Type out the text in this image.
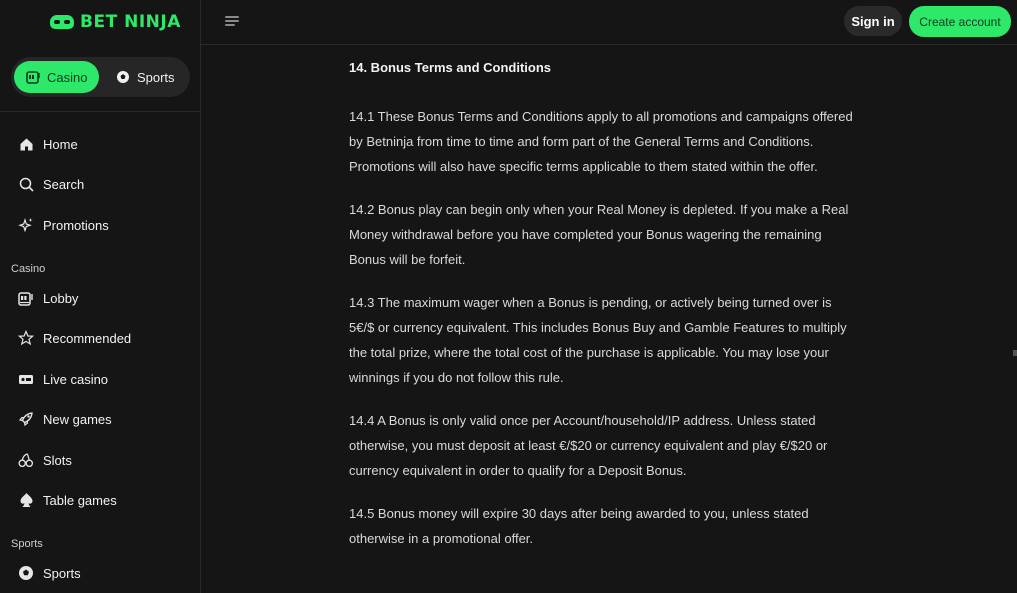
BET NINJA
Casino	Sports
Home
Search
Promotions
Casino
Lobby
Recommended
Live casino
New games
Slots
Table games
Sports
Sports
Sign in	Create account
14. Bonus Terms and Conditions

14.1 These Bonus Terms and Conditions apply to all promotions and campaigns offered by Betninja from time to time and form part of the General Terms and Conditions. Promotions will also have specific terms applicable to them stated within the offer.

14.2 Bonus play can begin only when your Real Money is depleted. If you make a Real Money withdrawal before you have completed your Bonus wagering the remaining Bonus will be forfeit.

14.3 The maximum wager when a Bonus is pending, or actively being turned over is 5€/$ or currency equivalent. This includes Bonus Buy and Gamble Features to multiply the total prize, where the total cost of the purchase is applicable. You may lose your winnings if you do not follow this rule.

14.4 A Bonus is only valid once per Account/household/IP address. Unless stated otherwise, you must deposit at least €/$20 or currency equivalent and play €/$20 or currency equivalent in order to qualify for a Deposit Bonus.

14.5 Bonus money will expire 30 days after being awarded to you, unless stated otherwise in a promotional offer.
